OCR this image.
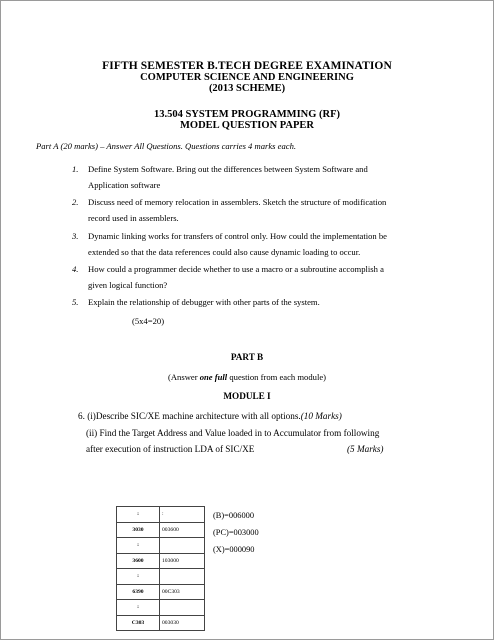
FIFTH SEMESTER B.TECH DEGREE EXAMINATION
COMPUTER SCIENCE AND ENGINEERING
(2013 SCHEME)
13.504 SYSTEM PROGRAMMING (RF)
MODEL QUESTION PAPER
Part A (20 marks) – Answer All Questions. Questions carries 4 marks each.
1. Define System Software. Bring out the differences between System Software and
Application software
2. Discuss need of memory relocation in assemblers. Sketch the structure of modification
record used in assemblers.
3. Dynamic linking works for transfers of control only. How could the implementation be
extended so that the data references could also cause dynamic loading to occur.
4. How could a programmer decide whether to use a macro or a subroutine accomplish a
given logical function?
5. Explain the relationship of debugger with other parts of the system.
(5x4=20)
PART B
(Answer one full question from each module)
MODULE I
6. (i)Describe SIC/XE machine architecture with all options.(10 Marks)
(ii) Find the Target Address and Value loaded in to Accumulator from following
after execution of instruction LDA of SIC/XE	(5 Marks)
:	:
3030	003600
:	
3600	103000
:	
6390	00C303
:	
C303	003030
(B)=006000
(PC)=003000
(X)=000090
